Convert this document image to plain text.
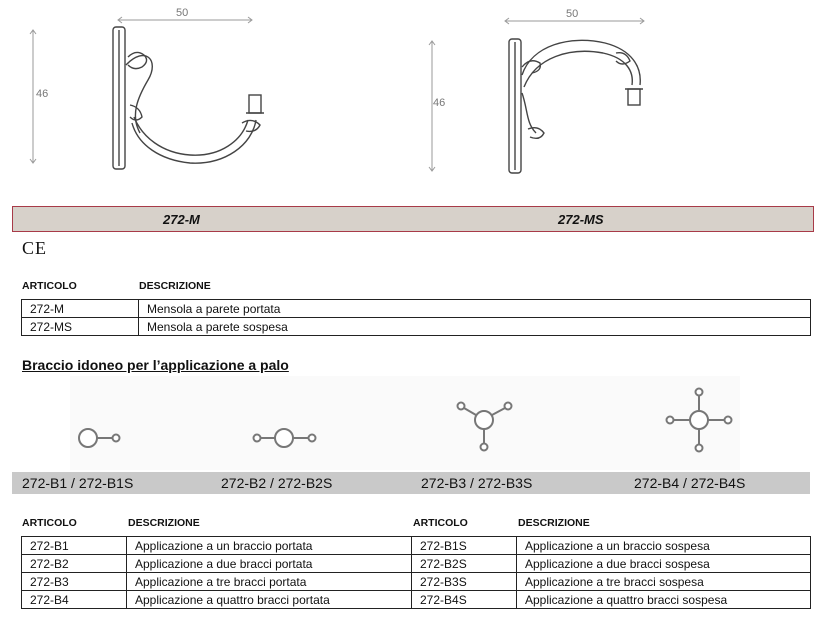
50
46
50
46
272-M	272-MS
CE
ARTICOLO	DESCRIZIONE
272-M	Mensola a parete portata
272-MS	Mensola a parete sospesa
Braccio idoneo per l’applicazione a palo
272-B1 / 272-B1S	272-B2 / 272-B2S	272-B3 / 272-B3S	272-B4 / 272-B4S
ARTICOLO	DESCRIZIONE	ARTICOLO	DESCRIZIONE
272-B1	Applicazione a un braccio portata	272-B1S	Applicazione a un braccio sospesa
272-B2	Applicazione a due bracci portata	272-B2S	Applicazione a due bracci sospesa
272-B3	Applicazione a tre bracci portata	272-B3S	Applicazione a tre bracci sospesa
272-B4	Applicazione a quattro bracci portata	272-B4S	Applicazione a quattro bracci sospesa
